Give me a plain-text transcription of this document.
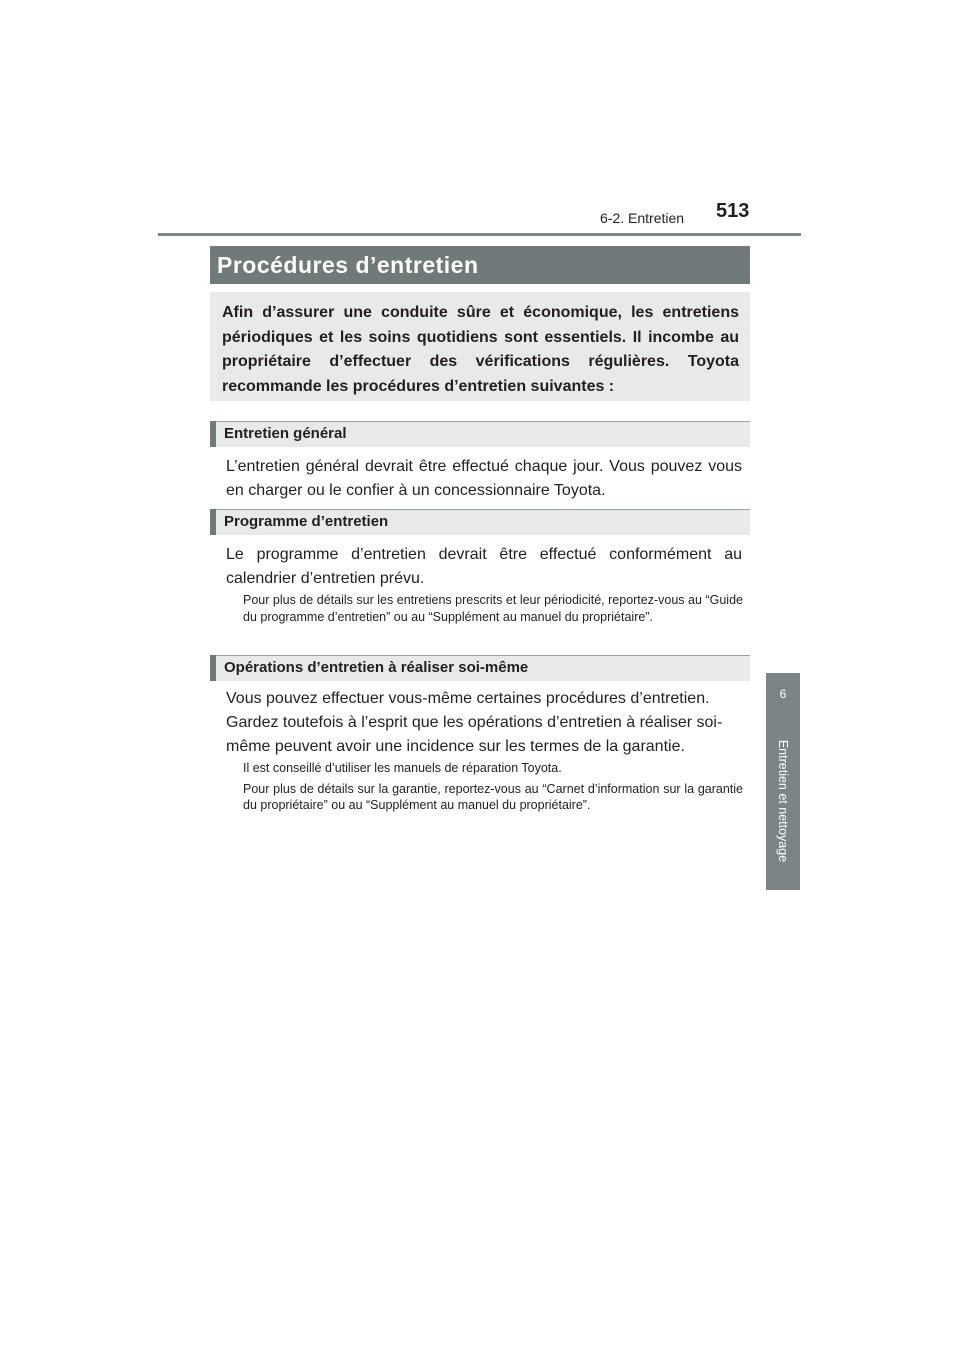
6-2. Entretien 513
6
Entretien et nettoyage
Procédures d’entretien
Afin d’assurer une conduite sûre et économique, les entretiens périodiques et les soins quotidiens sont essentiels. Il incombe au propriétaire d’effectuer des vérifications régulières. Toyota recommande les procédures d’entretien suivantes :
Entretien général

L’entretien général devrait être effectué chaque jour. Vous pouvez vous en charger ou le confier à un concessionnaire Toyota.

Programme d’entretien

Le programme d’entretien devrait être effectué conformément au calendrier d’entretien prévu.

Pour plus de détails sur les entretiens prescrits et leur périodicité, reportez-vous au “Guide du programme d’entretien” ou au “Supplément au manuel du propriétaire”.

Opérations d’entretien à réaliser soi-même

Vous pouvez effectuer vous-même certaines procédures d’entretien.

Gardez toutefois à l’esprit que les opérations d’entretien à réaliser soi-même peuvent avoir une incidence sur les termes de la garantie.

Il est conseillé d’utiliser les manuels de réparation Toyota.

Pour plus de détails sur la garantie, reportez-vous au “Carnet d’information sur la garantie du propriétaire” ou au “Supplément au manuel du propriétaire”.
